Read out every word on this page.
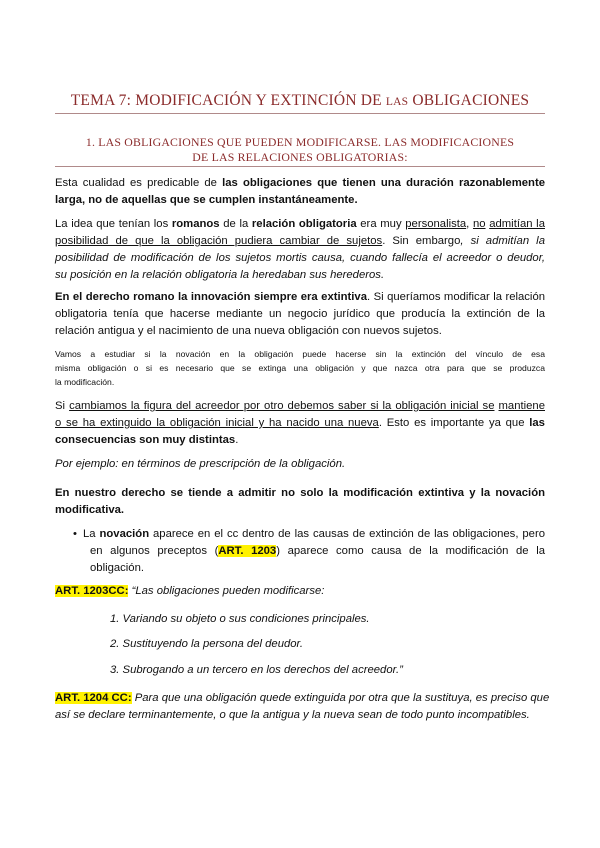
TEMA 7: MODIFICACIÓN Y EXTINCIÓN DE LAS OBLIGACIONES
1. LAS OBLIGACIONES QUE PUEDEN MODIFICARSE. LAS MODIFICACIONES
DE LAS RELACIONES OBLIGATORIAS:
Esta cualidad es predicable de las obligaciones que tienen una duración razonablemente
larga, no de aquellas que se cumplen instantáneamente.
La idea que tenían los romanos de la relación obligatoria era muy personalista, no admitían la
posibilidad de que la obligación pudiera cambiar de sujetos. Sin embargo, si admitían la
posibilidad de modificación de los sujetos mortis causa, cuando fallecía el acreedor o deudor,
su posición en la relación obligatoria la heredaban sus herederos.
En el derecho romano la innovación siempre era extintiva. Si queríamos modificar la relación
obligatoria tenía que hacerse mediante un negocio jurídico que producía la extinción de la
relación antigua y el nacimiento de una nueva obligación con nuevos sujetos.
Vamos a estudiar si la novación en la obligación puede hacerse sin la extinción del vínculo de esa
misma obligación o si es necesario que se extinga una obligación y que nazca otra para que se produzca
la modificación.
Si cambiamos la figura del acreedor por otro debemos saber si la obligación inicial se mantiene
o se ha extinguido la obligación inicial y ha nacido una nueva. Esto es importante ya que las
consecuencias son muy distintas.
Por ejemplo: en términos de prescripción de la obligación.
En nuestro derecho se tiende a admitir no solo la modificación extintiva y la novación
modificativa.
• La novación aparece en el cc dentro de las causas de extinción de las obligaciones, pero
en algunos preceptos (ART. 1203) aparece como causa de la modificación de la
obligación.
ART. 1203CC: “Las obligaciones pueden modificarse:
1. Variando su objeto o sus condiciones principales.
2. Sustituyendo la persona del deudor.
3. Subrogando a un tercero en los derechos del acreedor.”
ART. 1204 CC: Para que una obligación quede extinguida por otra que la sustituya, es preciso que
así se declare terminantemente, o que la antigua y la nueva sean de todo punto incompatibles.
